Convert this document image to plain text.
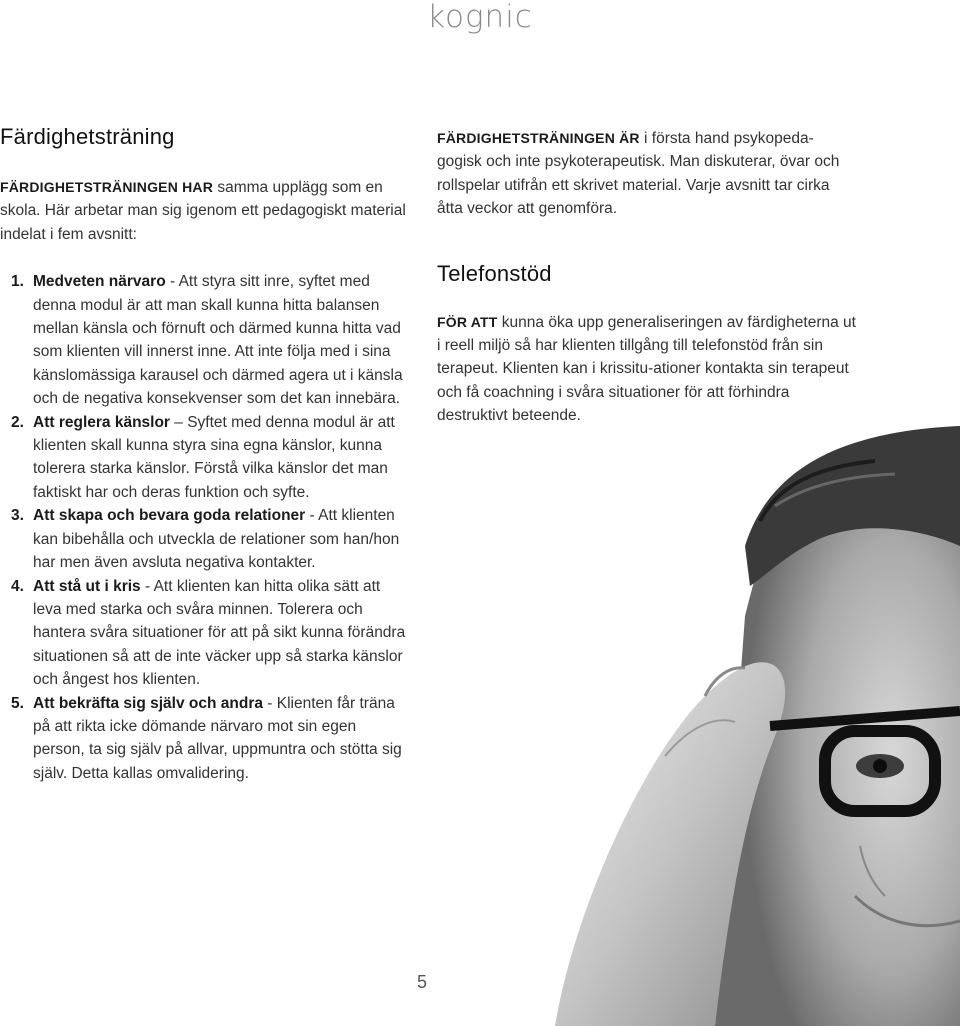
kognic
Färdighetsträning

FÄRDIGHETSTRÄNINGEN HAR samma upplägg som en skola. Här arbetar man sig igenom ett pedagogiskt material indelat i fem avsnitt:

1. Medveten närvaro - Att styra sitt inre, syftet med denna modul är att man skall kunna hitta balansen mellan känsla och förnuft och därmed kunna hitta vad som klienten vill innerst inne. Att inte följa med i sina känslomässiga karausel och därmed agera ut i känsla och de negativa konsekvenser som det kan innebära.
2. Att reglera känslor – Syftet med denna modul är att klienten skall kunna styra sina egna känslor, kunna tolerera starka känslor. Förstå vilka känslor det man faktiskt har och deras funktion och syfte.
3. Att skapa och bevara goda relationer - Att klienten kan bibehålla och utveckla de relationer som han/hon har men även avsluta negativa kontakter.
4. Att stå ut i kris - Att klienten kan hitta olika sätt att leva med starka och svåra minnen. Tolerera och hantera svåra situationer för att på sikt kunna förändra situationen så att de inte väcker upp så starka känslor och ångest hos klienten.
5. Att bekräfta sig själv och andra - Klienten får träna på att rikta icke dömande närvaro mot sin egen person, ta sig själv på allvar, uppmuntra och stötta sig själv. Detta kallas omvalidering.

FÄRDIGHETSTRÄNINGEN ÄR i första hand psykopeda-gogisk och inte psykoterapeutisk. Man diskuterar, övar och rollspelar utifrån ett skrivet material. Varje avsnitt tar cirka åtta veckor att genomföra.

Telefonstöd

FÖR ATT kunna öka upp generaliseringen av färdigheterna ut i reell miljö så har klienten tillgång till telefonstöd från sin terapeut. Klienten kan i krissitu-ationer kontakta sin terapeut och få coachning i svåra situationer för att förhindra destruktivt beteende.

5
